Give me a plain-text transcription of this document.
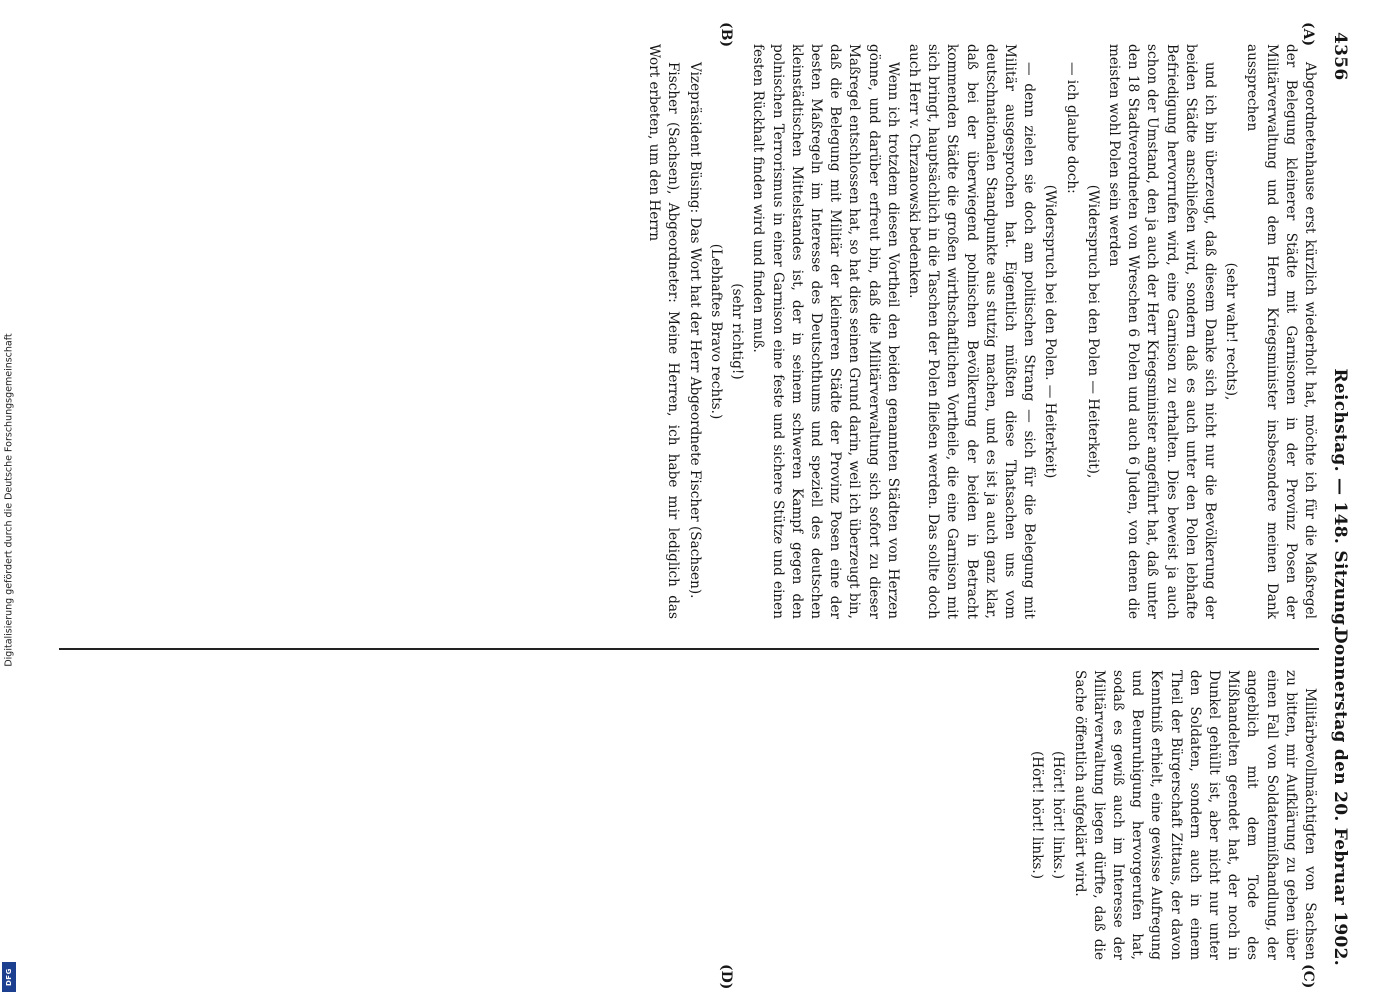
Digitalisierung gefördert durch die Deutsche Forschungsgemeinschaft
DFG
4356
Reichstag. — 148. Sitzung.
Donnerstag den 20. Februar 1902.
(A)
(B)
(C)
(D)

Abgeordnetenhause erst kürzlich wiederholt hat, möchte ich für die Maßregel der Belegung kleinerer Städte mit Garnisonen in der Provinz Posen der Militärverwaltung und dem Herrn Kriegsminister insbesondere meinen Dank aussprechen

(sehr wahr! rechts),

und ich bin überzeugt, daß diesem Danke sich nicht nur die Bevölkerung der beiden Städte anschließen wird, sondern daß es auch unter den Polen lebhafte Befriedigung hervorrufen wird, eine Garnison zu erhalten. Dies beweist ja auch schon der Umstand, den ja auch der Herr Kriegsminister angeführt hat, daß unter den 18 Stadtverordneten von Wreschen 6 Polen und auch 6 Juden, von denen die meisten wohl Polen sein werden

(Widerspruch bei den Polen — Heiterkeit),

— ich glaube doch:

(Widerspruch bei den Polen. — Heiterkeit)

— denn zielen sie doch am politischen Strang — sich für die Belegung mit Militär ausgesprochen hat. Eigentlich müßten diese Thatsachen uns vom deutschnationalen Standpunkte aus stutzig machen, und es ist ja auch ganz klar, daß bei der überwiegend polnischen Bevölkerung der beiden in Betracht kommenden Städte die großen wirthschaftlichen Vortheile, die eine Garnison mit sich bringt, hauptsächlich in die Taschen der Polen fließen werden. Das sollte doch auch Herr v. Chrzanowski bedenken.

Wenn ich trotzdem diesen Vortheil den beiden genannten Städten von Herzen gönne, und darüber erfreut bin, daß die Militärverwaltung sich sofort zu dieser Maßregel entschlossen hat, so hat dies seinen Grund darin, weil ich überzeugt bin, daß die Belegung mit Militär der kleineren Städte der Provinz Posen eine der besten Maßregeln im Interesse des Deutschthums und speziell des deutschen kleinstädtischen Mittelstandes ist, der in seinem schweren Kampf gegen den polnischen Terrorismus in einer Garnison eine feste und sichere Stütze und einen festen Rückhalt finden wird und finden muß.

(sehr richtig!)

(Lebhaftes Bravo rechts.)

Vizepräsident Büsing: Das Wort hat der Herr Abgeordnete Fischer (Sachsen).

Fischer (Sachsen), Abgeordneter: Meine Herren, ich habe mir lediglich das Wort erbeten, um den Herrn

Militärbevollmächtigten von Sachsen zu bitten, mir Aufklärung zu geben über einen Fall von Soldatenmißhandlung, der angeblich mit dem Tode des Mißhandelten geendet hat, der noch in Dunkel gehüllt ist, aber nicht nur unter den Soldaten, sondern auch in einem Theil der Bürgerschaft Zittaus, der davon Kenntniß erhielt, eine gewisse Aufregung und Beunruhigung hervorgerufen hat, sodaß es gewiß auch im Interesse der Militärverwaltung liegen dürfte, daß die Sache öffentlich aufgeklärt wird.

(Hört! hört! links.)

(Hört! hört! links.)
